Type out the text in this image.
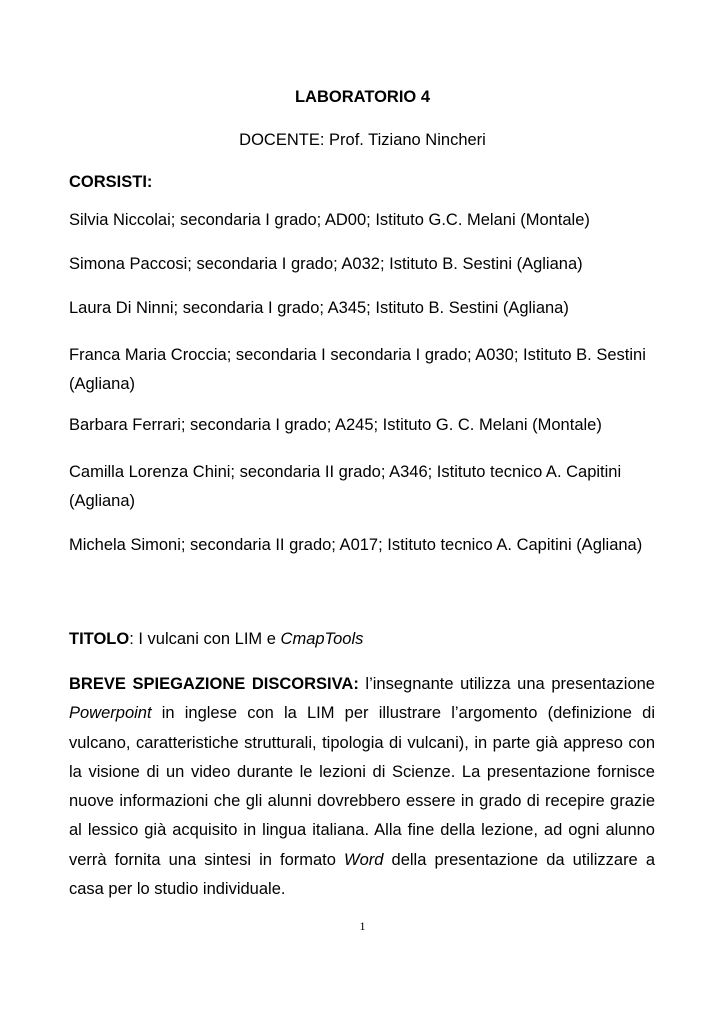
LABORATORIO 4
DOCENTE: Prof. Tiziano Nincheri
CORSISTI:

Silvia Niccolai; secondaria I grado; AD00; Istituto G.C. Melani (Montale)

Simona Paccosi; secondaria I grado; A032; Istituto B. Sestini (Agliana)

Laura Di Ninni; secondaria I grado; A345; Istituto B. Sestini (Agliana)

Franca Maria Croccia; secondaria I secondaria I grado; A030; Istituto B. Sestini (Agliana)

Barbara Ferrari; secondaria I grado; A245; Istituto G. C. Melani (Montale)

Camilla Lorenza Chini; secondaria II grado; A346; Istituto tecnico A. Capitini (Agliana)

Michela Simoni; secondaria II grado; A017; Istituto tecnico A. Capitini (Agliana)

TITOLO: I vulcani con LIM e CmapTools
BREVE SPIEGAZIONE DISCORSIVA: l’insegnante utilizza una presentazione Powerpoint in inglese con la LIM per illustrare l’argomento (definizione di vulcano, caratteristiche strutturali, tipologia di vulcani), in parte già appreso con la visione di un video durante le lezioni di Scienze. La presentazione fornisce nuove informazioni che gli alunni dovrebbero essere in grado di recepire grazie al lessico già acquisito in lingua italiana. Alla fine della lezione, ad ogni alunno verrà fornita una sintesi in formato Word della presentazione da utilizzare a casa per lo studio individuale.
1
